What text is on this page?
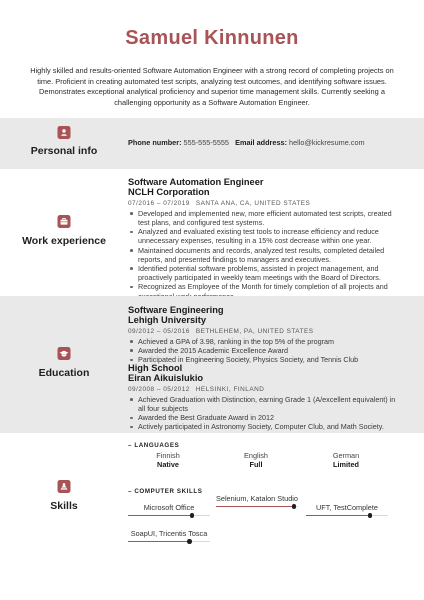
Samuel Kinnunen
Highly skilled and results-oriented Software Automation Engineer with a strong record of completing projects on time. Proficient in creating automated test scripts, analyzing test outcomes, and identifying software issues. Demonstrates exceptional analytical proficiency and superior time management skills. Currently seeking a challenging opportunity as a Software Automation Engineer.
Personal info
Phone number: 555-555-5555 Email address: hello@kickresume.com
Work experience
Software Automation Engineer
NCLH Corporation
07/2016 – 07/2019 SANTA ANA, CA, UNITED STATES
Developed and implemented new, more efficient automated test scripts, created test plans, and configured test systems.
Analyzed and evaluated existing test tools to increase efficiency and reduce unnecessary expenses, resulting in a 15% cost decrease within one year.
Maintained documents and records, analyzed test results, completed detailed reports, and presented findings to managers and executives.
Identified potential software problems, assisted in project management, and proactively participated in weekly team meetings with the Board of Directors.
Recognized as Employee of the Month for timely completion of all projects and
Education
Software Engineering
Lehigh University
09/2012 – 05/2016 BETHLEHEM, PA, UNITED STATES
Achieved a GPA of 3.98, ranking in the top 5% of the program
Awarded the 2015 Academic Excellence Award
Participated in Engineering Society, Physics Society, and Tennis Club
High School
Eiran Aikuislukio
09/2008 – 05/2012 HELSINKI, FINLAND
Achieved Graduation with Distinction, earning Grade 1 (A/excellent equivalent) in all four subjects
Awarded the Best Graduate Award in 2012
Actively participated in Astronomy Society, Computer Club, and Math Society.
Skills
– LANGUAGES
Finnish
Native
English
Full
German
Limited
– COMPUTER SKILLS
Microsoft Office
Selenium, Katalon Studio
UFT, TestComplete
SoapUI, Tricentis Tosca
